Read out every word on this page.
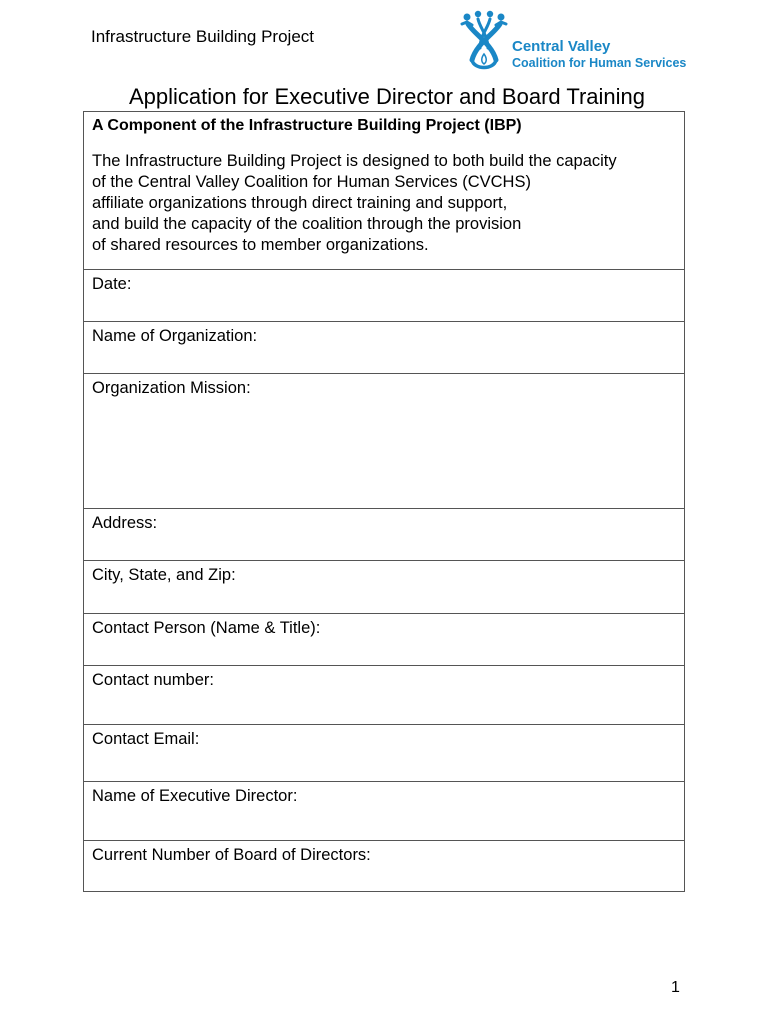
Infrastructure Building Project
Central Valley
Coalition for Human Services
Application for Executive Director and Board Training

A Component of the Infrastructure Building Project (IBP)

The Infrastructure Building Project is designed to both build the capacity
of the Central Valley Coalition for Human Services (CVCHS)
affiliate organizations through direct training and support,
and build the capacity of the coalition through the provision
of shared resources to member organizations.

Date:
Name of Organization:
Organization Mission:
Address:
City, State, and Zip:
Contact Person (Name & Title):
Contact number:
Contact Email:
Name of Executive Director:
Current Number of Board of Directors:
1
